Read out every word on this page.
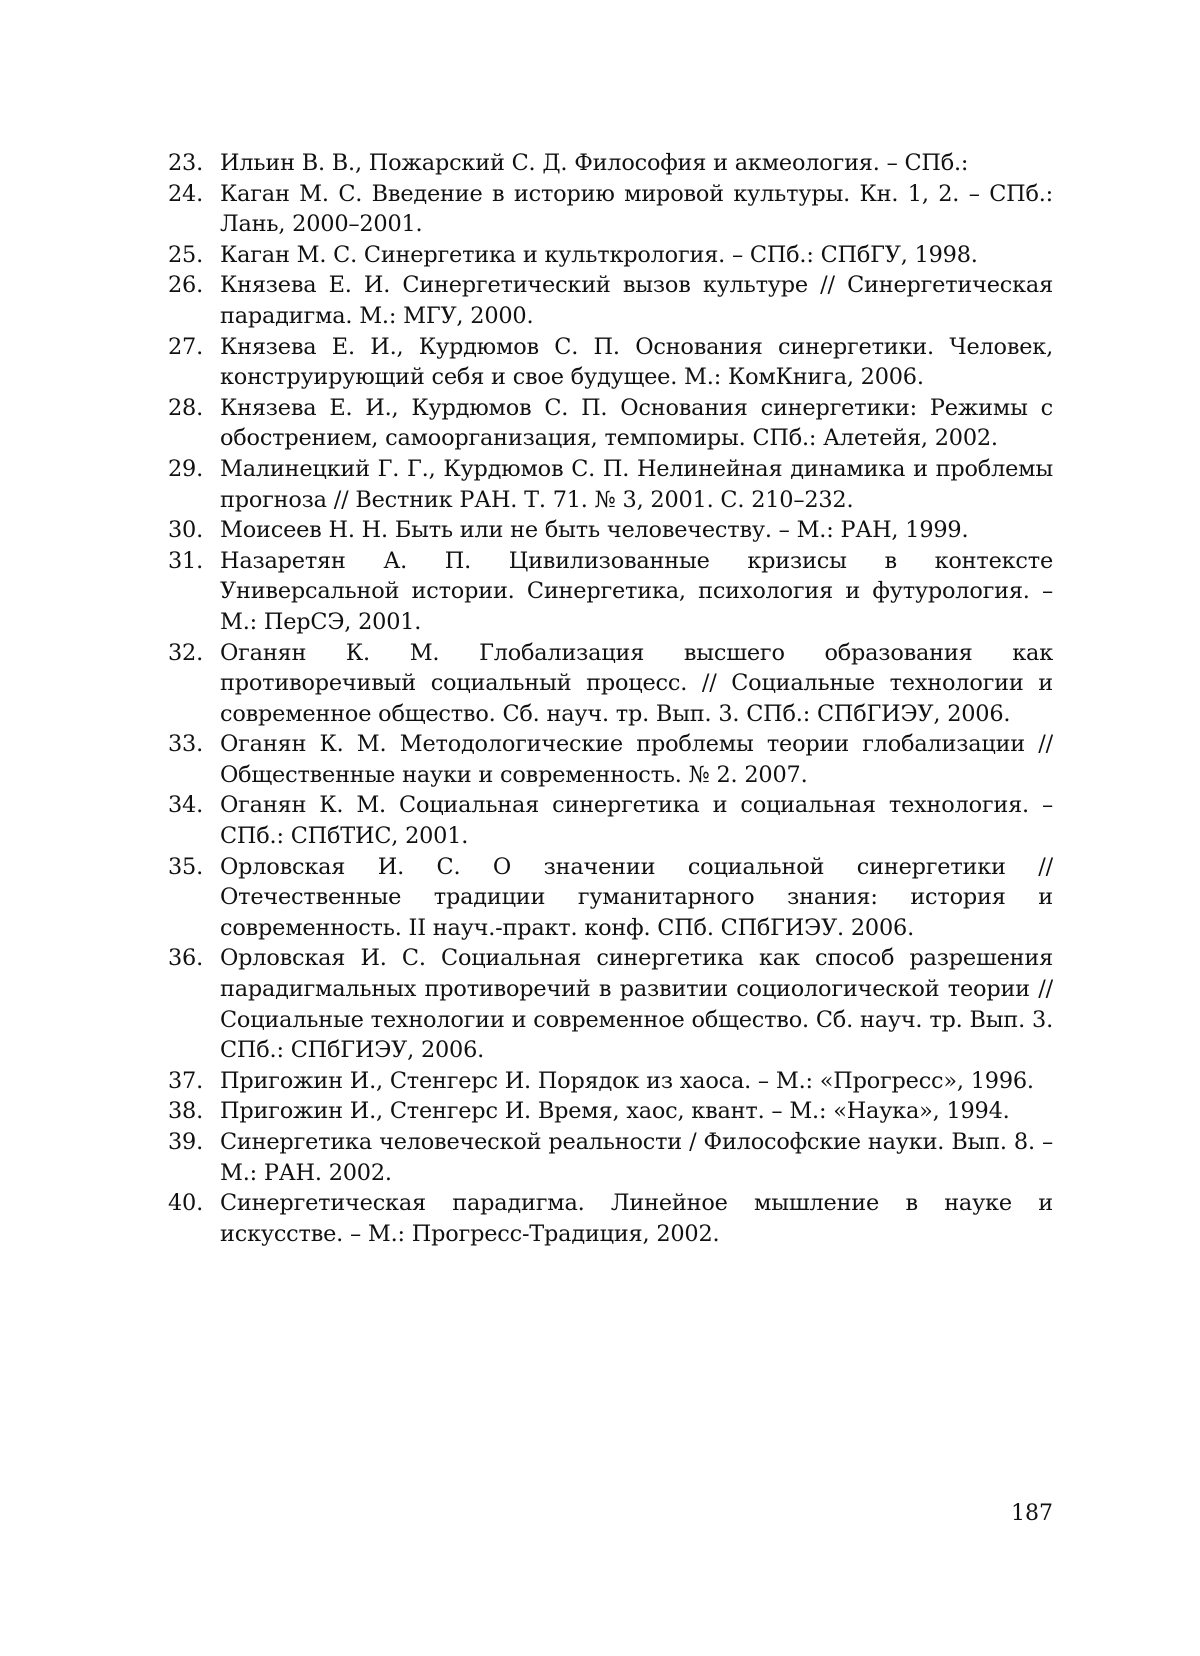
23. Ильин В. В., Пожарский С. Д. Философия и акмеология. – СПб.:
24. Каган М. С. Введение в историю мировой культуры. Кн. 1, 2. – СПб.: Лань, 2000–2001.
25. Каган М. С. Синергетика и культкрология. – СПб.: СПбГУ, 1998.
26. Князева Е. И. Синергетический вызов культуре // Синергетическая парадигма. М.: МГУ, 2000.
27. Князева Е. И., Курдюмов С. П. Основания синергетики. Человек, конструирующий себя и свое будущее. М.: КомКнига, 2006.
28. Князева Е. И., Курдюмов С. П. Основания синергетики: Режимы с обострением, самоорганизация, темпомиры. СПб.: Алетейя, 2002.
29. Малинецкий Г. Г., Курдюмов С. П. Нелинейная динамика и проблемы прогноза // Вестник РАН. Т. 71. № 3, 2001. С. 210–232.
30. Моисеев Н. Н. Быть или не быть человечеству. – М.: РАН, 1999.
31. Назаретян А. П. Цивилизованные кризисы в контексте Универсальной истории. Синергетика, психология и футурология. – М.: ПерСЭ, 2001.
32. Оганян К. М. Глобализация высшего образования как противоречивый социальный процесс. // Социальные технологии и современное общество. Сб. науч. тр. Вып. 3. СПб.: СПбГИЭУ, 2006.
33. Оганян К. М. Методологические проблемы теории глобализации // Общественные науки и современность. № 2. 2007.
34. Оганян К. М. Социальная синергетика и социальная технология. – СПб.: СПбТИС, 2001.
35. Орловская И. С. О значении социальной синергетики // Отечественные традиции гуманитарного знания: история и современность. II науч.-практ. конф. СПб. СПбГИЭУ. 2006.
36. Орловская И. С. Социальная синергетика как способ разрешения парадигмальных противоречий в развитии социологической теории // Социальные технологии и современное общество. Сб. науч. тр. Вып. 3. СПб.: СПбГИЭУ, 2006.
37. Пригожин И., Стенгерс И. Порядок из хаоса. – М.: «Прогресс», 1996.
38. Пригожин И., Стенгерс И. Время, хаос, квант. – М.: «Наука», 1994.
39. Синергетика человеческой реальности / Философские науки. Вып. 8. – М.: РАН. 2002.
40. Синергетическая парадигма. Линейное мышление в науке и искусстве. – М.: Прогресс-Традиция, 2002.
187
